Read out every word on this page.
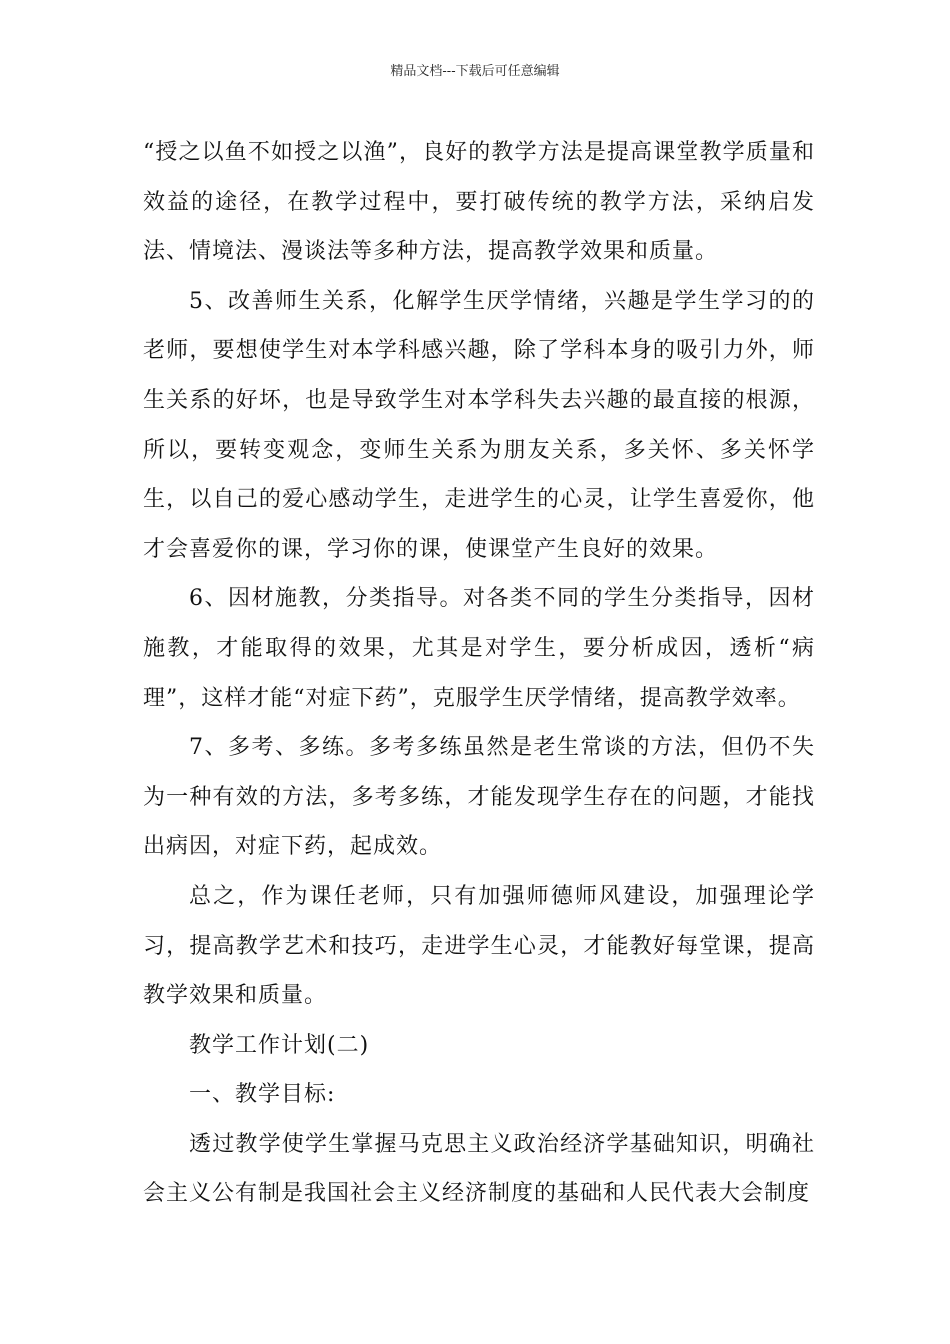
精品文档---下载后可任意编辑

“授之以鱼不如授之以渔”，良好的教学方法是提高课堂教学质量和效益的途径，在教学过程中，要打破传统的教学方法，采纳启发法、情境法、漫谈法等多种方法，提高教学效果和质量。

5、改善师生关系，化解学生厌学情绪，兴趣是学生学习的的老师，要想使学生对本学科感兴趣，除了学科本身的吸引力外，师生关系的好坏，也是导致学生对本学科失去兴趣的最直接的根源，所以，要转变观念，变师生关系为朋友关系，多关怀、多关怀学生，以自己的爱心感动学生，走进学生的心灵，让学生喜爱你，他才会喜爱你的课，学习你的课，使课堂产生良好的效果。

6、因材施教，分类指导。对各类不同的学生分类指导，因材施教，才能取得的效果，尤其是对学生，要分析成因，透析“病理”，这样才能“对症下药”，克服学生厌学情绪，提高教学效率。

7、多考、多练。多考多练虽然是老生常谈的方法，但仍不失为一种有效的方法，多考多练，才能发现学生存在的问题，才能找出病因，对症下药，起成效。

总之，作为课任老师，只有加强师德师风建设，加强理论学习，提高教学艺术和技巧，走进学生心灵，才能教好每堂课，提高教学效果和质量。

教学工作计划(二)

一、教学目标:

透过教学使学生掌握马克思主义政治经济学基础知识，明确社会主义公有制是我国社会主义经济制度的基础和人民代表大会制度
